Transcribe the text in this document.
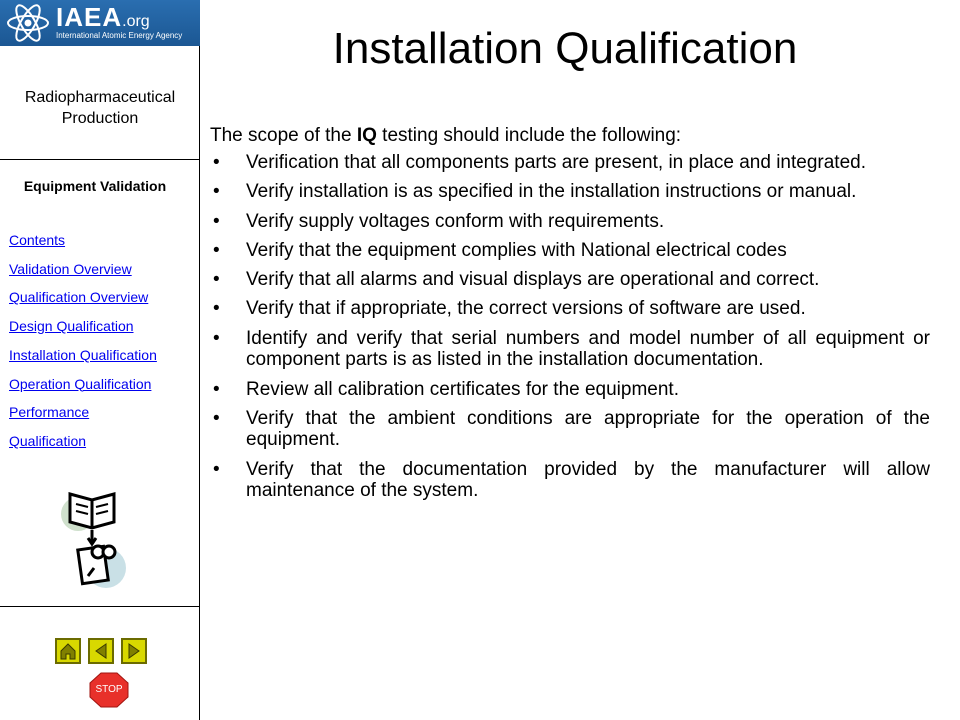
IAEA.org
International Atomic Energy Agency
Radiopharmaceutical
Production
Equipment Validation
Contents
Validation Overview
Qualification Overview
Design Qualification
Installation Qualification
Operation Qualification
Performance
Qualification
STOP
Installation Qualification
The scope of the IQ testing should include the following:
• Verification that all components parts are present, in place and integrated.
• Verify installation is as specified in the installation instructions or manual.
• Verify supply voltages conform with requirements.
• Verify that the equipment complies with National electrical codes
• Verify that all alarms and visual displays are operational and correct.
• Verify that if appropriate, the correct versions of software are used.
• Identify and verify that serial numbers and model number of all equipment or component parts is as listed in the installation documentation.
• Review all calibration certificates for the equipment.
• Verify that the ambient conditions are appropriate for the operation of the equipment.
• Verify that the documentation provided by the manufacturer will allow maintenance of the system.
